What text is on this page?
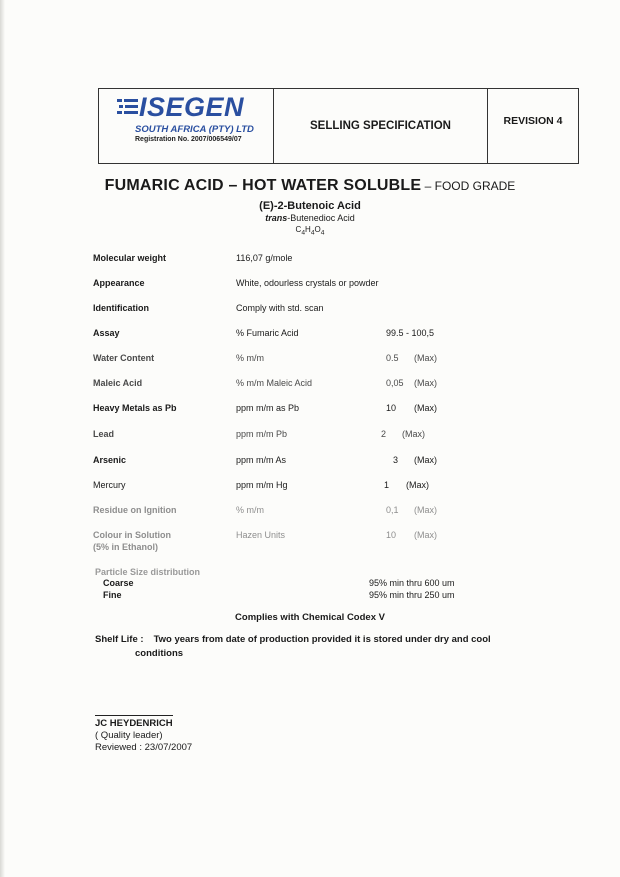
ISEGEN
SOUTH AFRICA (PTY) LTD
Registration No. 2007/006549/07
SELLING SPECIFICATION	REVISION 4
FUMARIC ACID – HOT WATER SOLUBLE – FOOD GRADE
(E)-2-Butenoic Acid
trans-Butenedioc Acid
$C_4H_4O_4$
Molecular weight	116,07 g/mole
Appearance	White, odourless crystals or powder
Identification	Comply with std. scan
Assay	% Fumaric Acid	99.5 - 100,5
Water Content	% m/m	0.5 (Max)
Maleic Acid	% m/m Maleic Acid	0,05 (Max)
Heavy Metals as Pb	ppm m/m as Pb	10 (Max)
Lead	ppm m/m Pb	2 (Max)
Arsenic	ppm m/m As	3 (Max)
Mercury	ppm m/m Hg	1 (Max)
Residue on Ignition	% m/m	0,1 (Max)
Colour in Solution
(5% in Ethanol)
Hazen Units	10 (Max)
Particle Size distribution
Coarse	95% min thru 600 um
Fine	95% min thru 250 um
Complies with Chemical Codex V
Shelf Life : Two years from date of production provided it is stored under dry and cool
conditions
JC HEYDENRICH
( Quality leader)
Reviewed : 23/07/2007
